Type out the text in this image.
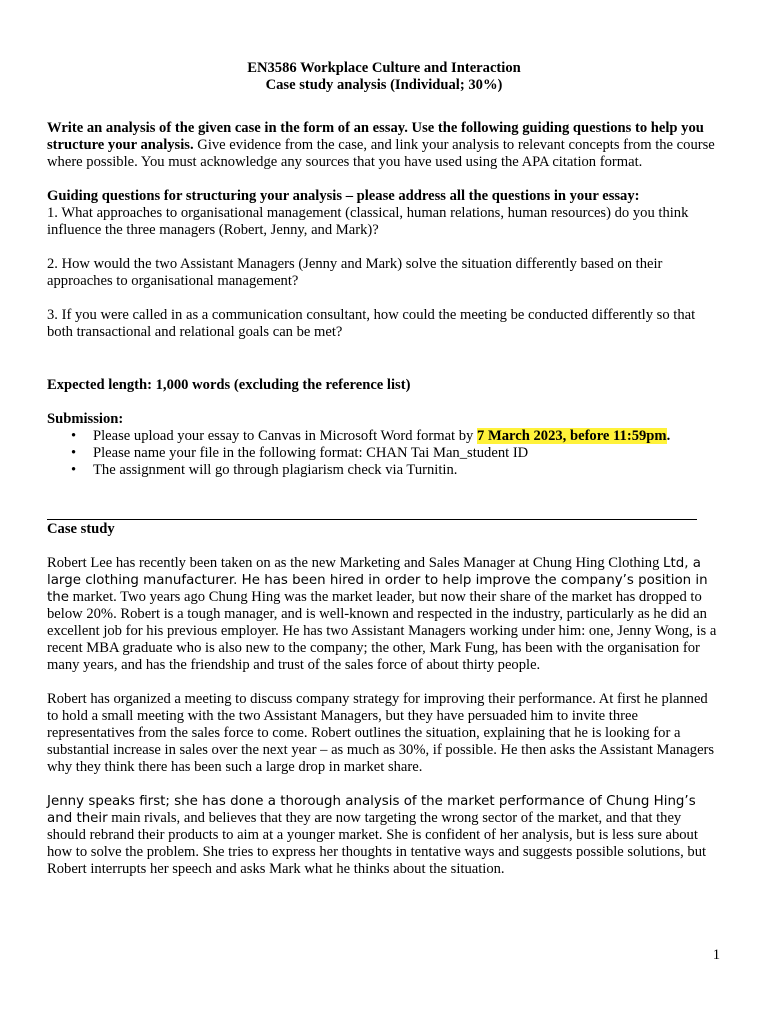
EN3586 Workplace Culture and Interaction

Case study analysis (Individual; 30%)

Write an analysis of the given case in the form of an essay. Use the following guiding questions to help you structure your analysis. Give evidence from the case, and link your analysis to relevant concepts from the course where possible. You must acknowledge any sources that you have used using the APA citation format.

Guiding questions for structuring your analysis – please address all the questions in your essay:

1. What approaches to organisational management (classical, human relations, human resources) do you think influence the three managers (Robert, Jenny, and Mark)?

2. How would the two Assistant Managers (Jenny and Mark) solve the situation differently based on their approaches to organisational management?

3. If you were called in as a communication consultant, how could the meeting be conducted differently so that both transactional and relational goals can be met?

Expected length: 1,000 words (excluding the reference list)

Submission:

• Please upload your essay to Canvas in Microsoft Word format by 7 March 2023, before 11:59pm.
• Please name your file in the following format: CHAN Tai Man_student ID
• The assignment will go through plagiarism check via Turnitin.

Case study

Robert Lee has recently been taken on as the new Marketing and Sales Manager at Chung Hing Clothing Ltd, a large clothing manufacturer. He has been hired in order to help improve the company’s position in the market. Two years ago Chung Hing was the market leader, but now their share of the market has dropped to below 20%. Robert is a tough manager, and is well-known and respected in the industry, particularly as he did an excellent job for his previous employer. He has two Assistant Managers working under him: one, Jenny Wong, is a recent MBA graduate who is also new to the company; the other, Mark Fung, has been with the organisation for many years, and has the friendship and trust of the sales force of about thirty people.

Robert has organized a meeting to discuss company strategy for improving their performance. At first he planned to hold a small meeting with the two Assistant Managers, but they have persuaded him to invite three representatives from the sales force to come. Robert outlines the situation, explaining that he is looking for a substantial increase in sales over the next year – as much as 30%, if possible. He then asks the Assistant Managers why they think there has been such a large drop in market share.

Jenny speaks first; she has done a thorough analysis of the market performance of Chung Hing’s and their main rivals, and believes that they are now targeting the wrong sector of the market, and that they should rebrand their products to aim at a younger market. She is confident of her analysis, but is less sure about how to solve the problem. She tries to express her thoughts in tentative ways and suggests possible solutions, but Robert interrupts her speech and asks Mark what he thinks about the situation.

1
